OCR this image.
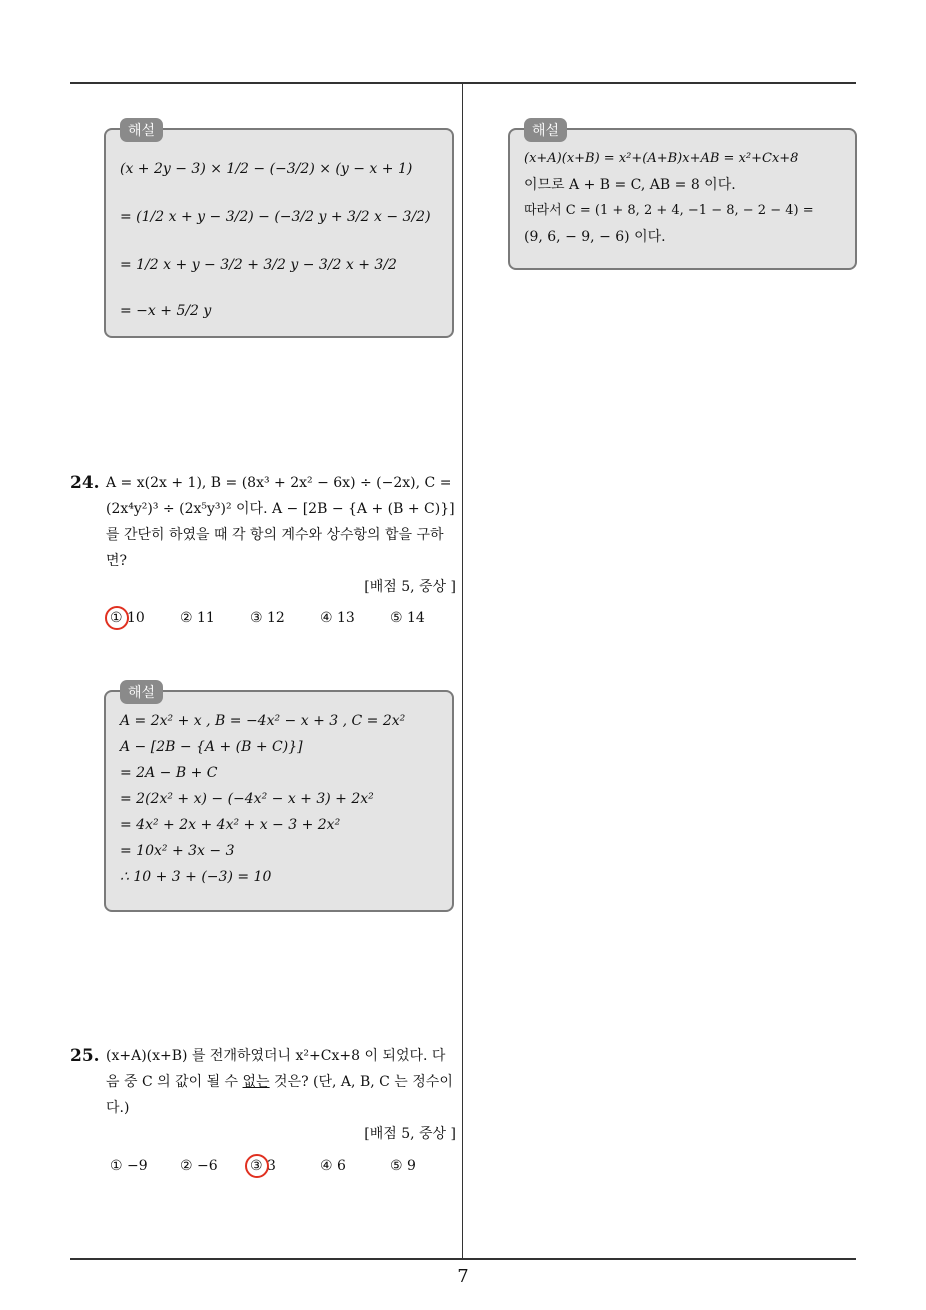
해설
(x + 2y − 3) × 1/2 − (−3/2) × (y − x + 1)
= (1/2 x + y − 3/2) − (−3/2 y + 3/2 x − 3/2)
= 1/2 x + y − 3/2 + 3/2 y − 3/2 x + 3/2
= −x + 5/2 y
해설
(x+A)(x+B) = x²+(A+B)x+AB = x²+Cx+8
이므로 A + B = C, AB = 8 이다.
따라서 C = (1 + 8, 2 + 4, −1 − 8, − 2 − 4) =
(9, 6, − 9, − 6) 이다.
24. A = x(2x + 1), B = (8x³ + 2x² − 6x) ÷ (−2x), C = (2x⁴y²)³ ÷ (2x⁵y³)² 이다. A − [2B − {A + (B + C)}] 를 간단히 하였을 때 각 항의 계수와 상수항의 합을 구하면?
[배점 5, 중상 ]
① 10	② 11	③ 12	④ 13	⑤ 14
해설
A = 2x² + x , B = −4x² − x + 3 , C = 2x²
A − [2B − {A + (B + C)}]
= 2A − B + C
= 2(2x² + x) − (−4x² − x + 3) + 2x²
= 4x² + 2x + 4x² + x − 3 + 2x²
= 10x² + 3x − 3
∴ 10 + 3 + (−3) = 10
25. (x+A)(x+B) 를 전개하였더니 x²+Cx+8 이 되었다. 다음 중 C 의 값이 될 수 없는 것은? (단, A, B, C 는 정수이다.)
[배점 5, 중상 ]
① −9 ② −6 ③ 3	④ 6	⑤ 9
7
